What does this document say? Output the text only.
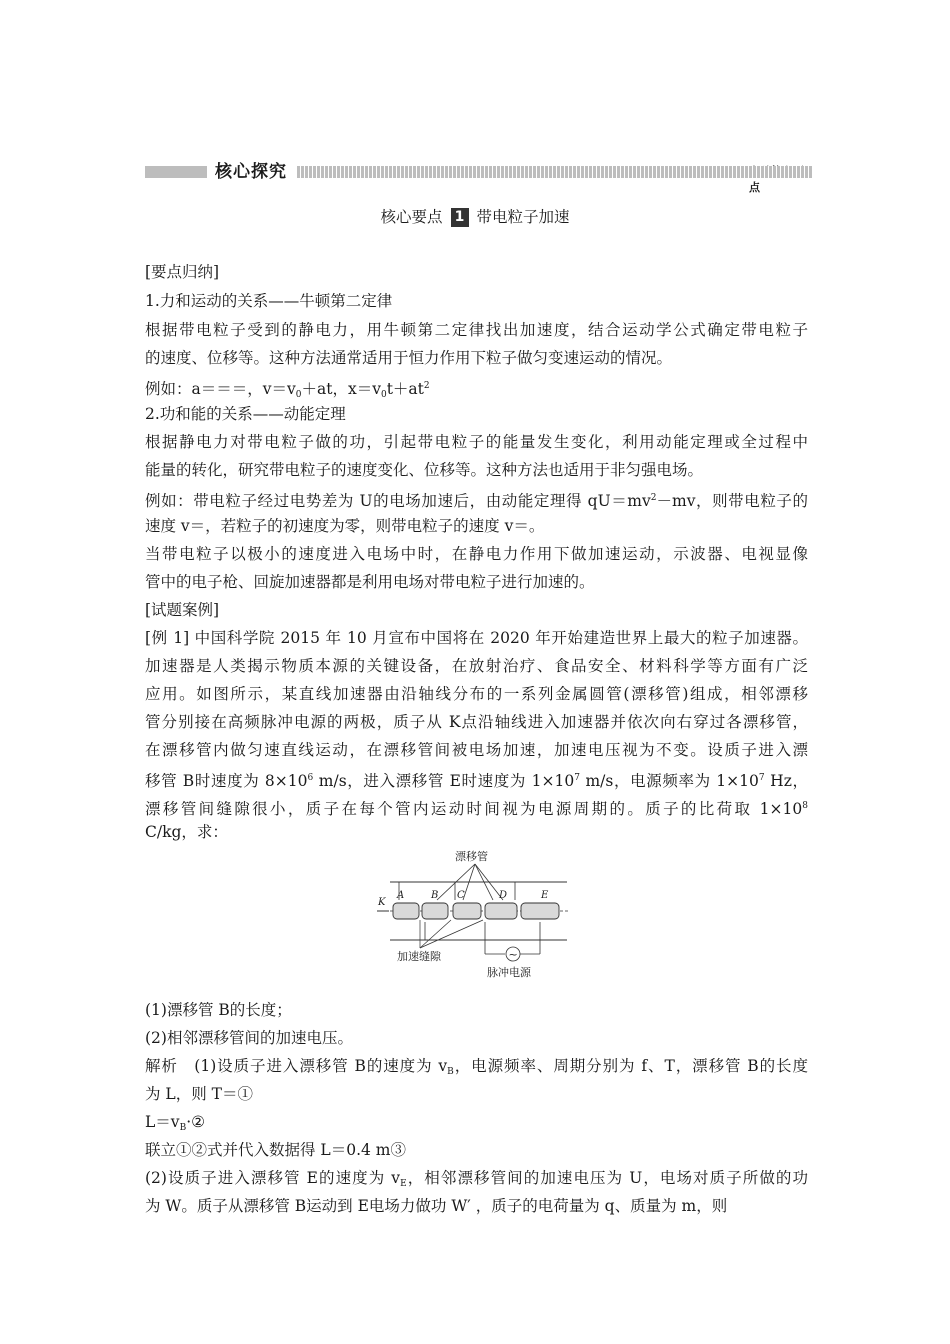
核心探究
点
核心要点 1 带电粒子加速
[要点归纳]
1.力和运动的关系——牛顿第二定律
根据带电粒子受到的静电力，用牛顿第二定律找出加速度，结合运动学公式确定带电粒子
的速度、位移等。这种方法通常适用于恒力作用下粒子做匀变速运动的情况。
例如：a＝＝＝，$v=v_0+at$，$x=v_0t+at^2$
2.功和能的关系——动能定理
根据静电力对带电粒子做的功，引起带电粒子的能量发生变化，利用动能定理或全过程中
能量的转化，研究带电粒子的速度变化、位移等。这种方法也适用于非匀强电场。
例如：带电粒子经过电势差为 U的电场加速后，由动能定理得 $qU=mv^2-mv$，则带电粒子的
速度 v＝，若粒子的初速度为零，则带电粒子的速度 v＝。
当带电粒子以极小的速度进入电场中时，在静电力作用下做加速运动，示波器、电视显像
管中的电子枪、回旋加速器都是利用电场对带电粒子进行加速的。
[试题案例]
[例 1] 中国科学院 2015 年 10 月宣布中国将在 2020 年开始建造世界上最大的粒子加速器。
加速器是人类揭示物质本源的关键设备，在放射治疗、食品安全、材料科学等方面有广泛
应用。如图所示，某直线加速器由沿轴线分布的一系列金属圆管(漂移管)组成，相邻漂移
管分别接在高频脉冲电源的两极，质子从 K点沿轴线进入加速器并依次向右穿过各漂移管，
在漂移管内做匀速直线运动，在漂移管间被电场加速，加速电压视为不变。设质子进入漂
移管 B时速度为 $8\times 10^6$ m/s，进入漂移管 E时速度为 $1\times 10^7$ m/s，电源频率为 $1\times 10^7$ Hz，
漂移管间缝隙很小，质子在每个管内运动时间视为电源周期的。质子的比荷取 $1\times 10^8$
C/kg，求：
漂移管
K
A	B C	D	E
加速缝隙	~
脉冲电源
(1)漂移管 B的长度；
(2)相邻漂移管间的加速电压。
解析　(1)设质子进入漂移管 B的速度为 $v_B$，电源频率、周期分别为 f、T，漂移管 B的长度
为 L，则 T＝①
$L=v_B\cdot ②$
联立①②式并代入数据得 L＝0.4 m③
(2)设质子进入漂移管 E的速度为 $v_E$，相邻漂移管间的加速电压为 U，电场对质子所做的功
为 W。质子从漂移管 B运动到 E电场力做功 W′ ，质子的电荷量为 q、质量为 m，则
